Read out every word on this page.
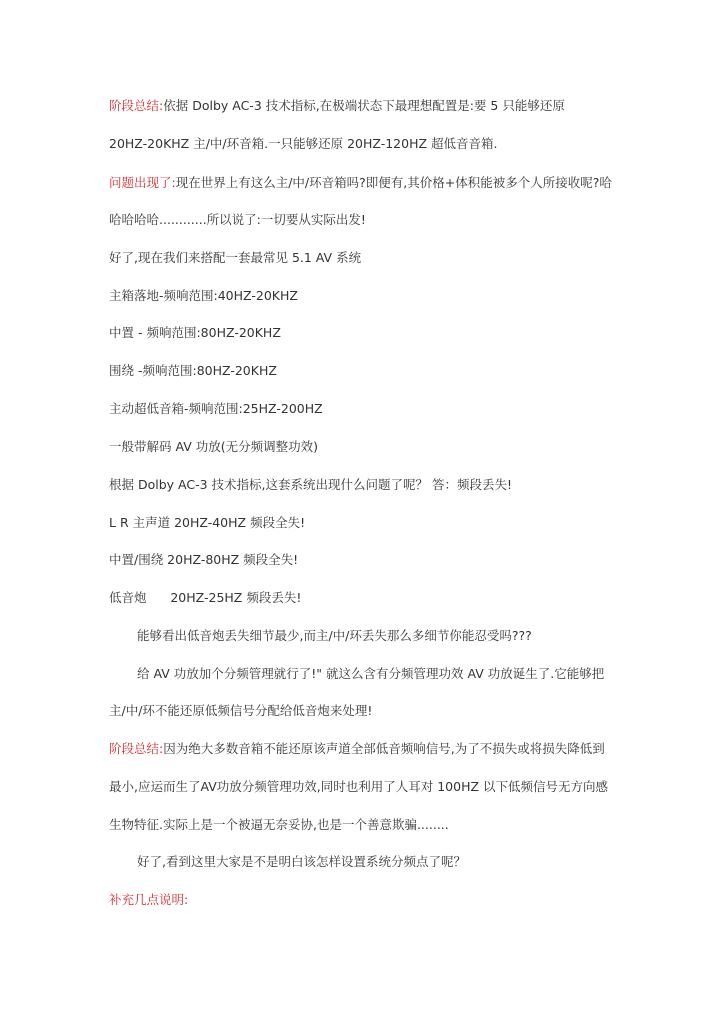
阶段总结:依据 Dolby AC-3 技术指标,在极端状态下最理想配置是:要 5 只能够还原
20HZ-20KHZ 主/中/环音箱.一只能够还原 20HZ-120HZ 超低音音箱.
问题出现了:现在世界上有这么主/中/环音箱吗?即便有,其价格+体积能被多个人所接收呢?哈
哈哈哈哈............所以说了:一切要从实际出发!
好了,现在我们来搭配一套最常见 5.1 AV 系统
主箱落地-频响范围:40HZ-20KHZ
中置 - 频响范围:80HZ-20KHZ
围绕 -频响范围:80HZ-20KHZ
主动超低音箱-频响范围:25HZ-200HZ
一般带解码 AV 功放(无分频调整功效)
根据 Dolby AC-3 技术指标,这套系统出现什么问题了呢？ 答：频段丢失!
L R 主声道 20HZ-40HZ 频段全失!
中置/围绕 20HZ-80HZ 频段全失!
低音炮      20HZ-25HZ 频段丢失!
能够看出低音炮丢失细节最少,而主/中/环丢失那么多细节你能忍受吗???
给 AV 功放加个分频管理就行了!" 就这么含有分频管理功效 AV 功放诞生了.它能够把
主/中/环不能还原低频信号分配给低音炮来处理!
阶段总结:因为绝大多数音箱不能还原该声道全部低音频响信号,为了不损失或将损失降低到
最小,应运而生了AV功放分频管理功效,同时也利用了人耳对 100HZ 以下低频信号无方向感
生物特征.实际上是一个被逼无奈妥协,也是一个善意欺骗........
好了,看到这里大家是不是明白该怎样设置系统分频点了呢？
补充几点说明:
